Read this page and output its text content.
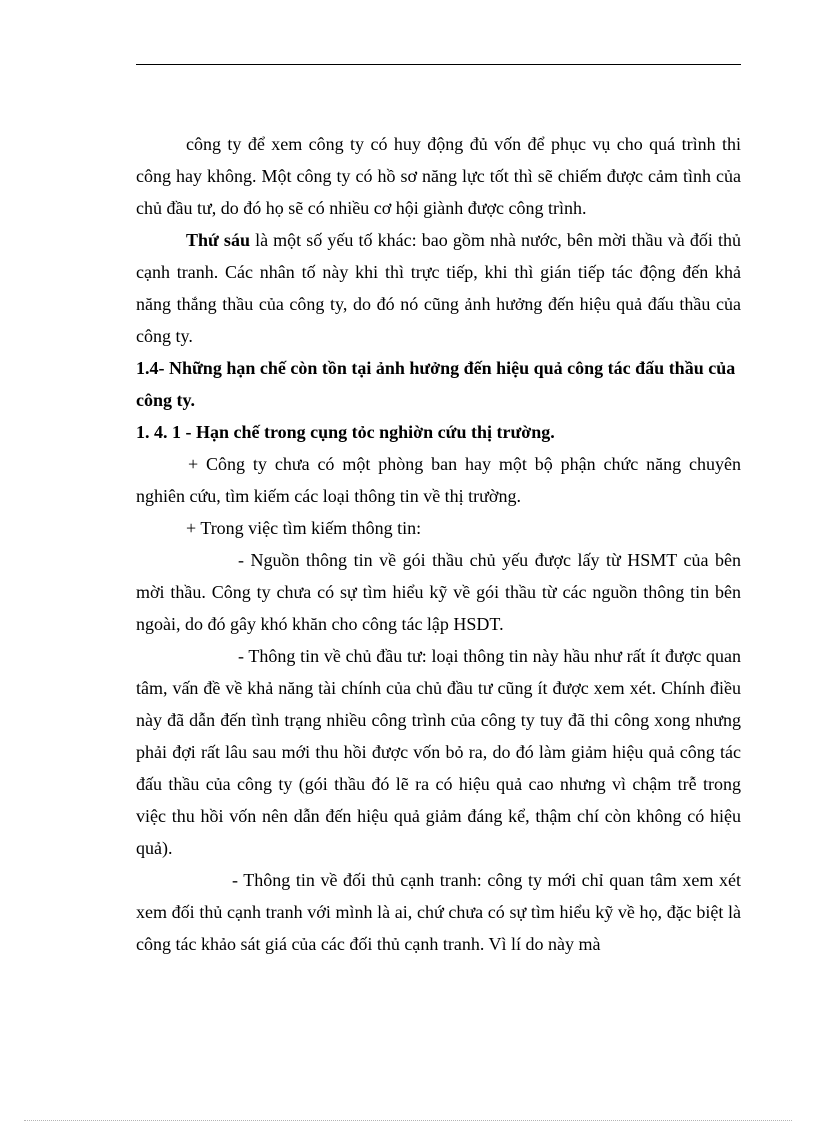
công ty để xem công ty có huy động đủ vốn để phục vụ cho quá trình thi công hay không. Một công ty có hồ sơ năng lực tốt thì sẽ chiếm được cảm tình của chủ đầu tư, do đó họ sẽ có nhiều cơ hội giành được công trình.

Thứ sáu là một số yếu tố khác: bao gồm nhà nước, bên mời thầu và đối thủ cạnh tranh. Các nhân tố này khi thì trực tiếp, khi thì gián tiếp tác động đến khả năng thắng thầu của công ty, do đó nó cũng ảnh hưởng đến hiệu quả đấu thầu của công ty.

1.4- Những hạn chế còn tồn tại ảnh hưởng đến hiệu quả công tác đấu thầu của công ty.

1. 4. 1 - Hạn chế trong cụng tỏc nghiờn cứu thị trường.

+ Công ty chưa có một phòng ban hay một bộ phận chức năng chuyên nghiên cứu, tìm kiếm các loại thông tin về thị trường.

+ Trong việc tìm kiếm thông tin:

- Nguồn thông tin về gói thầu chủ yếu được lấy từ HSMT của bên mời thầu. Công ty chưa có sự tìm hiểu kỹ về gói thầu từ các nguồn thông tin bên ngoài, do đó gây khó khăn cho công tác lập HSDT.

- Thông tin về chủ đầu tư: loại thông tin này hầu như rất ít được quan tâm, vấn đề về khả năng tài chính của chủ đầu tư cũng ít được xem xét. Chính điều này đã dẫn đến tình trạng nhiều công trình của công ty tuy đã thi công xong nhưng phải đợi rất lâu sau mới thu hồi được vốn bỏ ra, do đó làm giảm hiệu quả công tác đấu thầu của công ty (gói thầu đó lẽ ra có hiệu quả cao nhưng vì chậm trễ trong việc thu hồi vốn nên dẫn đến hiệu quả giảm đáng kể, thậm chí còn không có hiệu quả).

- Thông tin về đối thủ cạnh tranh: công ty mới chỉ quan tâm xem xét xem đối thủ cạnh tranh với mình là ai, chứ chưa có sự tìm hiểu kỹ về họ, đặc biệt là công tác khảo sát giá của các đối thủ cạnh tranh. Vì lí do này mà
